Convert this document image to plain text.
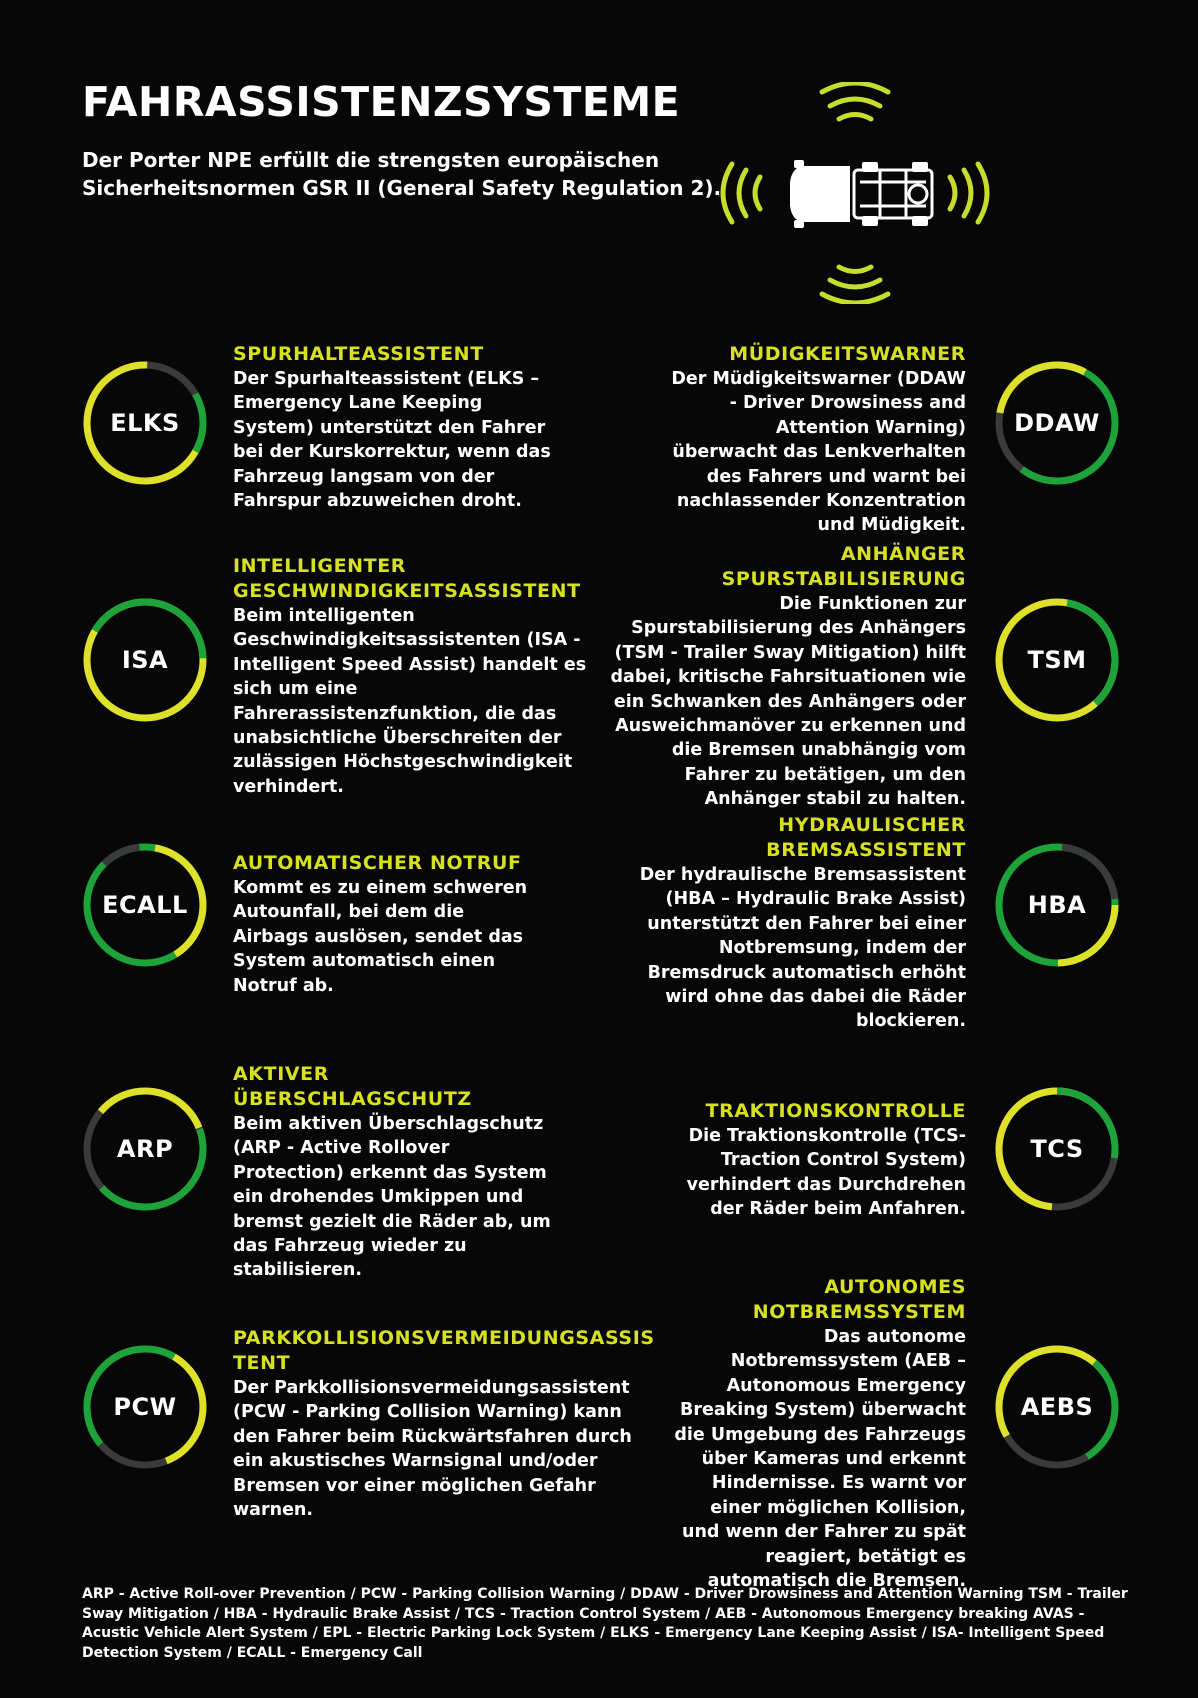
FAHRASSISTENZSYSTEME

Der Porter NPE erfüllt die strengsten europäischen Sicherheitsnormen GSR II (General Safety Regulation 2).

ELKS	DDAW
ISA	TSM
ECALL	HBA
ARP	TCS
PCW	AEBS
SPURHALTEASSISTENT

Der Spurhalteassistent (ELKS – Emergency Lane Keeping System) unterstützt den Fahrer bei der Kurskorrektur, wenn das Fahrzeug langsam von der Fahrspur abzuweichen droht.

INTELLIGENTER GESCHWINDIGKEITSASSISTENT

Beim intelligenten Geschwindigkeitsassistenten (ISA - Intelligent Speed Assist) handelt es sich um eine Fahrerassistenzfunktion, die das unabsichtliche Überschreiten der zulässigen Höchstgeschwindigkeit verhindert.

AUTOMATISCHER NOTRUF

Kommt es zu einem schweren Autounfall, bei dem die Airbags auslösen, sendet das System automatisch einen Notruf ab.

AKTIVER ÜBERSCHLAGSCHUTZ

Beim aktiven Überschlagschutz (ARP - Active Rollover Protection) erkennt das System ein drohendes Umkippen und bremst gezielt die Räder ab, um das Fahrzeug wieder zu stabilisieren.

PARKKOLLISIONSVERMEIDUNGSASSISTENT

Der Parkkollisionsvermeidungsassistent (PCW - Parking Collision Warning) kann den Fahrer beim Rückwärtsfahren durch ein akustisches Warnsignal und/oder Bremsen vor einer möglichen Gefahr warnen.

MÜDIGKEITSWARNER

Der Müdigkeitswarner (DDAW - Driver Drowsiness and Attention Warning) überwacht das Lenkverhalten des Fahrers und warnt bei nachlassender Konzentration und Müdigkeit.

ANHÄNGER SPURSTABILISIERUNG

Die Funktionen zur Spurstabilisierung des Anhängers (TSM - Trailer Sway Mitigation) hilft dabei, kritische Fahrsituationen wie ein Schwanken des Anhängers oder Ausweichmanöver zu erkennen und die Bremsen unabhängig vom Fahrer zu betätigen, um den Anhänger stabil zu halten.

HYDRAULISCHER BREMSASSISTENT

Der hydraulische Bremsassistent (HBA – Hydraulic Brake Assist) unterstützt den Fahrer bei einer Notbremsung, indem der Bremsdruck automatisch erhöht wird ohne das dabei die Räder blockieren.

TRAKTIONSKONTROLLE

Die Traktionskontrolle (TCS-Traction Control System) verhindert das Durchdrehen der Räder beim Anfahren.

AUTONOMES NOTBREMSSYSTEM

Das autonome Notbremssystem (AEB – Autonomous Emergency Breaking System) überwacht die Umgebung des Fahrzeugs über Kameras und erkennt Hindernisse. Es warnt vor einer möglichen Kollision, und wenn der Fahrer zu spät reagiert, betätigt es automatisch die Bremsen.

ARP - Active Roll-over Prevention / PCW - Parking Collision Warning / DDAW - Driver Drowsiness and Attention Warning TSM - Trailer Sway Mitigation / HBA - Hydraulic Brake Assist / TCS - Traction Control System / AEB - Autonomous Emergency breaking AVAS - Acustic Vehicle Alert System / EPL - Electric Parking Lock System / ELKS - Emergency Lane Keeping Assist / ISA- Intelligent Speed Detection System / ECALL - Emergency Call
